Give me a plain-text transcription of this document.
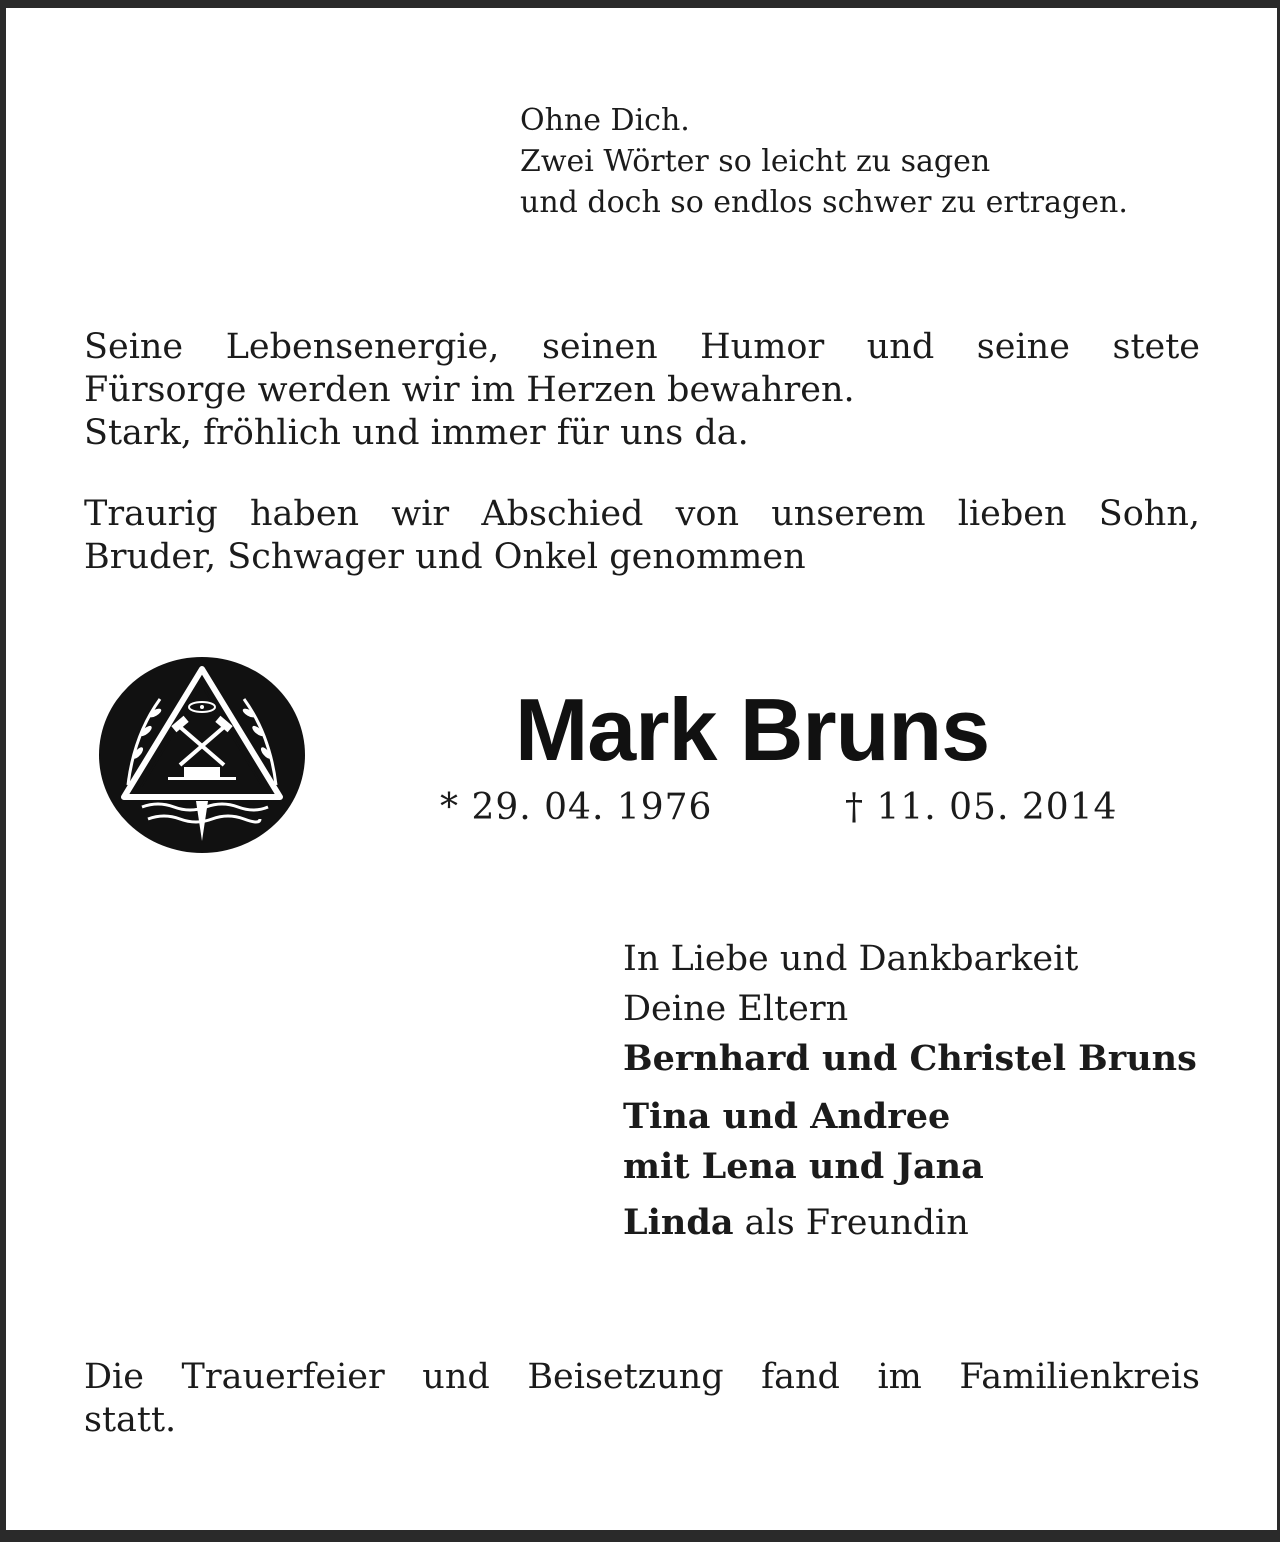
Ohne Dich.
Zwei Wörter so leicht zu sagen
und doch so endlos schwer zu ertragen.
Seine Lebensenergie, seinen Humor und seine stete
Fürsorge werden wir im Herzen bewahren.
Stark, fröhlich und immer für uns da.
Traurig haben wir Abschied von unserem lieben Sohn,
Bruder, Schwager und Onkel genommen
Mark Bruns
* 29. 04. 1976	† 11. 05. 2014
In Liebe und Dankbarkeit
Deine Eltern
Bernhard und Christel Bruns
Tina und Andree
mit Lena und Jana
Linda als Freundin
Die Trauerfeier und Beisetzung fand im Familienkreis
statt.
